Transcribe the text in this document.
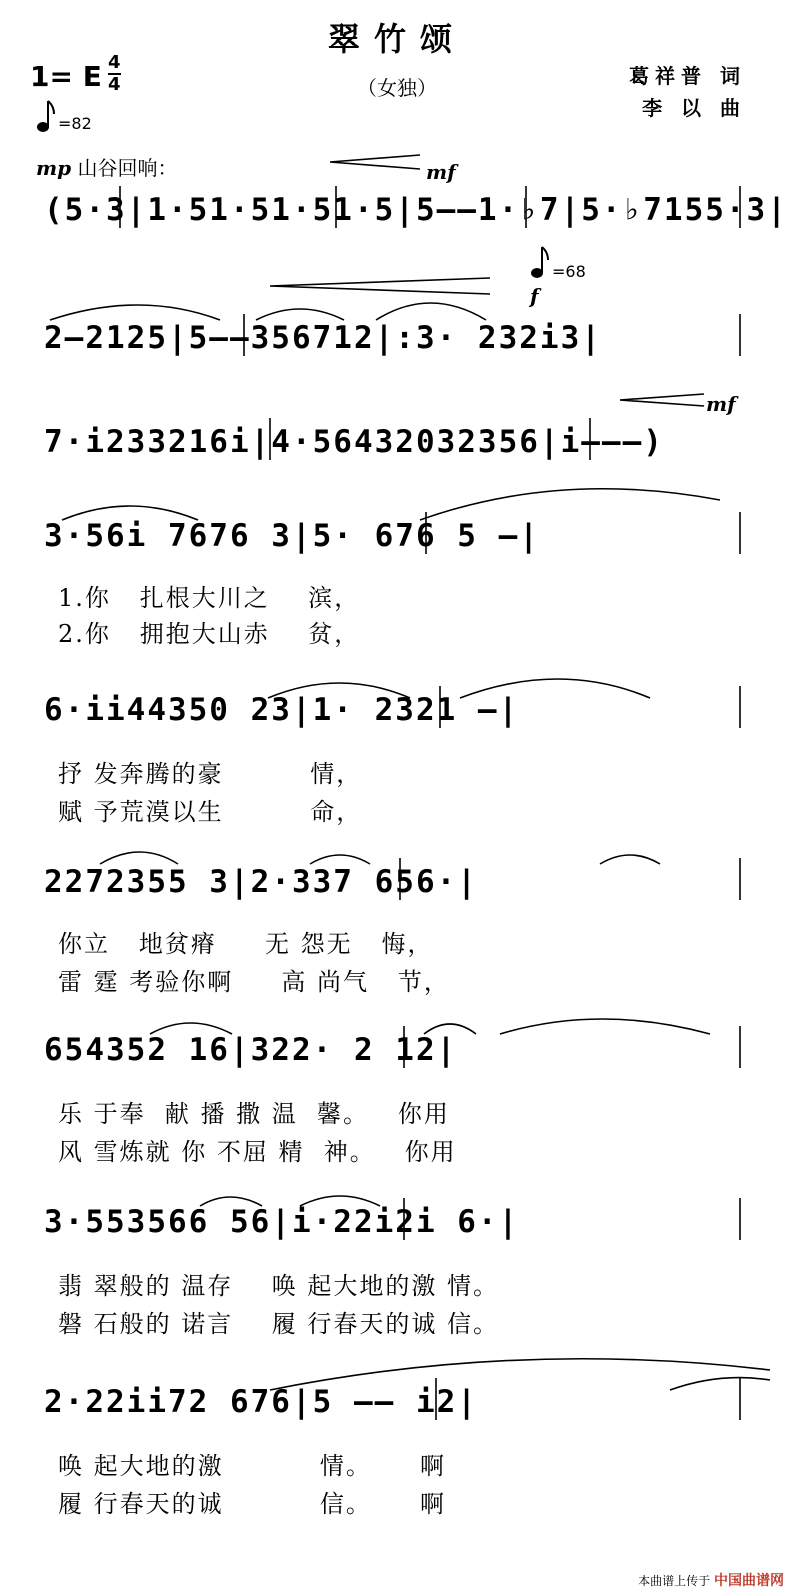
翠竹颂
（女独）	葛祥普 词
李 以 曲
1= E 4
4
=82
mp 山谷回响：	mf
=68
f
mf
(5·3|1·51·51·51·5|5——1·♭7|5·♭7155·3|
2—2125|5——356712|:3· 232i3|
7·i233216i|4·56432032356|i———)
3·56i 7676 3|5· 676 5 —|
1.你   扎根大川之    滨，
2.你   拥抱大山赤    贫，
6·ii44350 23|1· 2321 —|
抒 发奔腾的豪         情，
赋 予荒漠以生         命，
2272355 3|2·337 656·|
你立   地贫瘠     无 怨无   悔，
雷 霆 考验你啊     高 尚气   节，
654352 16|322· 2 12|
乐 于奉  献 播 撒 温  馨。   你用
风 雪炼就 你 不屈 精  神。   你用
3·553566 56|i·22i2i 6·|
翡 翠般的 温存    唤 起大地的激 情。
磐 石般的 诺言    履 行春天的诚 信。
2·22ii72 676|5 —— i2|
唤 起大地的激          情。     啊
履 行春天的诚          信。     啊
本曲谱上传于 中国曲谱网
